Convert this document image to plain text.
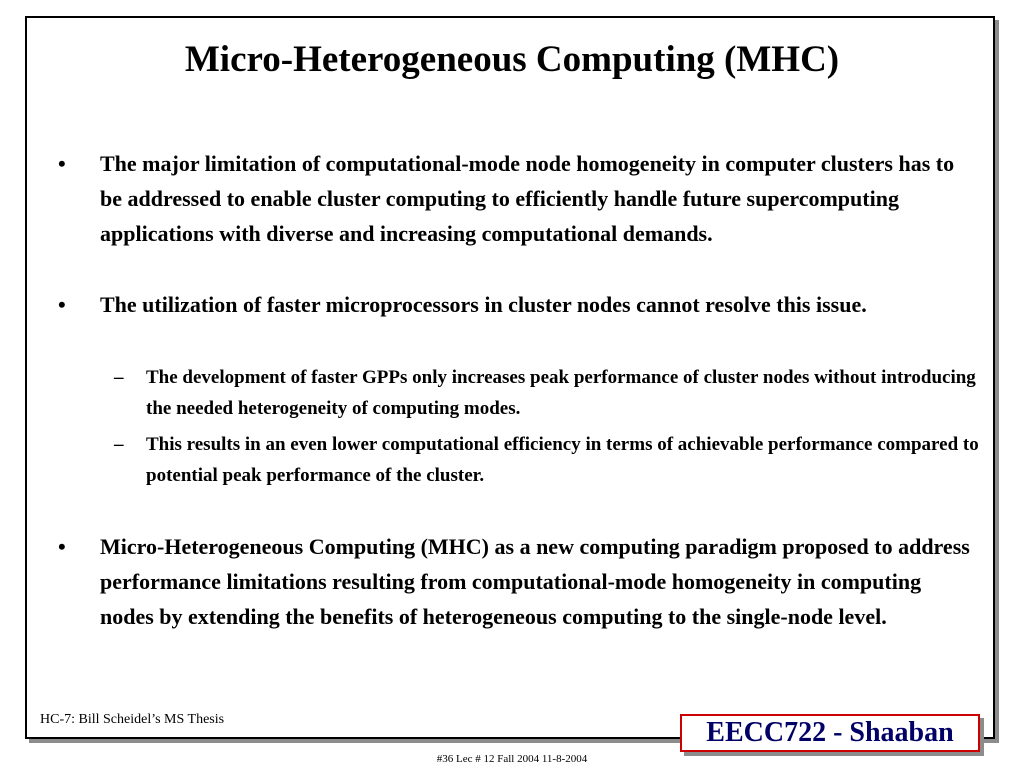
Micro-Heterogeneous Computing (MHC)
• The major limitation of computational-mode node homogeneity in computer clusters has to be addressed to enable cluster computing to efficiently handle future supercomputing applications with diverse and increasing computational demands.
• The utilization of faster microprocessors in cluster nodes cannot resolve this issue.
– The development of faster GPPs only increases peak performance of cluster nodes without introducing the needed heterogeneity of computing modes.
– This results in an even lower computational efficiency in terms of achievable performance compared to potential peak performance of the cluster.
• Micro-Heterogeneous Computing (MHC) as a new computing paradigm proposed to address performance limitations resulting from computational-mode homogeneity in computing nodes by extending the benefits of heterogeneous computing to the single-node level.
HC-7: Bill Scheidel’s MS Thesis	EECC722 - Shaaban
#36 Lec # 12 Fall 2004 11-8-2004
